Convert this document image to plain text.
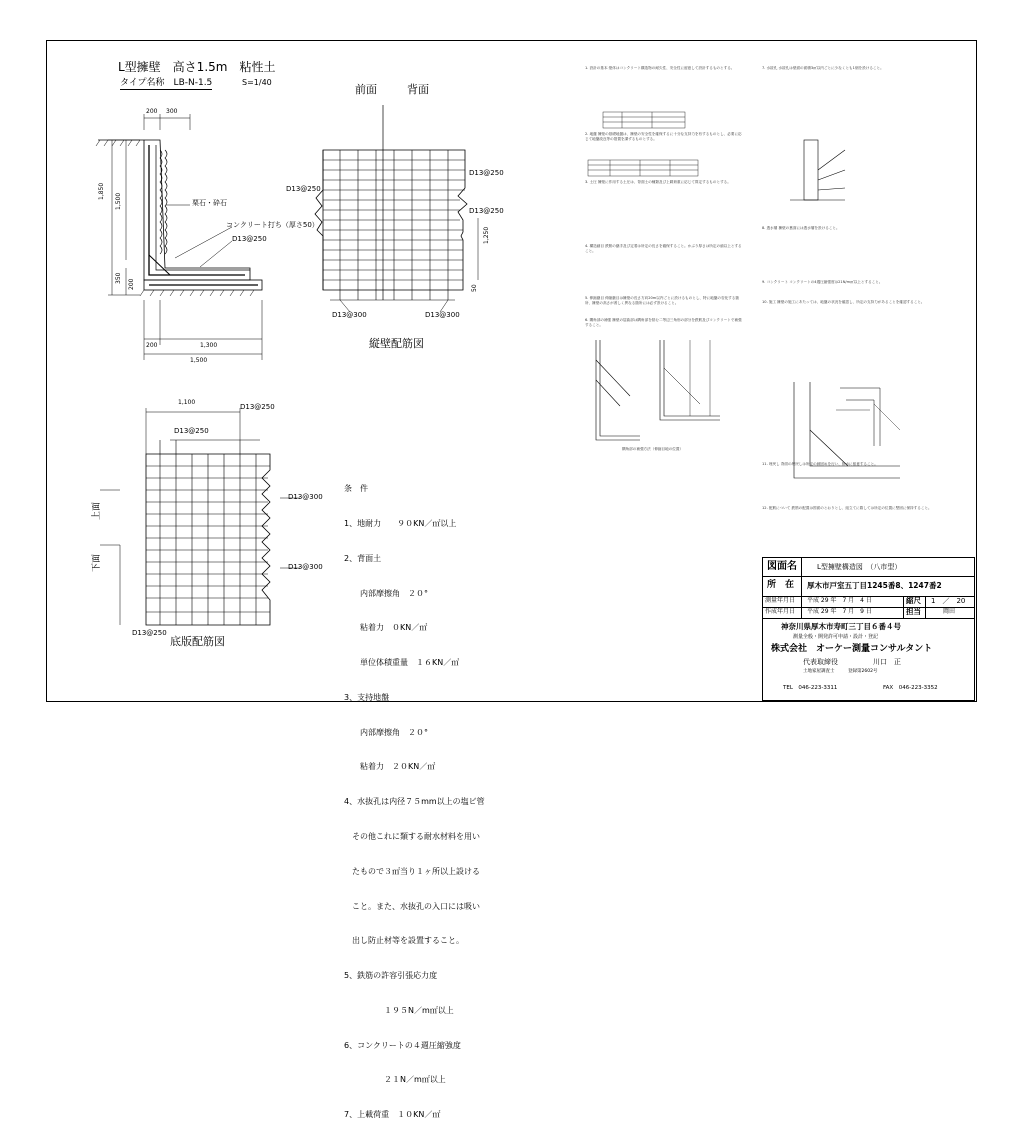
L型擁壁　高さ1.5m　粘性土
タイプ名称　LB-N-1.5	S=1/40
200 300
1,850
1,500
350
200
200	1,300
1,500
栗石・砕石
コンクリート打ち（厚さ50）
D13@250
前面	背面
D13@250
D13@250
D13@250
D13@300	D13@300
1,250
50
縦壁配筋図
1,100
D13@250
D13@250
D13@250
D13@300
D13@300
上面
下面
底版配筋図

条　件

1、地耐力　　９０KN／㎡以上

2、背面土

　　内部摩擦角　２０°

　　粘着力　０KN／㎡

　　単位体積重量　１６KN／㎥

3、支持地盤

　　内部摩擦角　２０°

　　粘着力　２０KN／㎡

4、水抜孔は内径７５mm以上の塩ビ管

　その他これに類する耐水材料を用い

　たもので３㎡当り１ヶ所以上設ける

　こと。また、水抜孔の入口には吸い

　出し防止材等を設置すること。

5、鉄筋の許容引張応力度

　　　　　１９５N／m㎡以上

6、コンクリートの４週圧縮強度

　　　　　２１N／m㎡以上

7、上載荷重　１０KN／㎡

1. 設計の基本 壁体はコンクリート構造物の耐久性、安全性に留意して設計するものとする。
2. 地盤 擁壁の基礎地盤は、擁壁の安全性を確保するに十分な支持力を有するものとし、必要に応じて地盤改良等の措置を講ずるものとする。
3. 土圧 擁壁に作用する土圧は、背面土の種類及び上載荷重に応じて算定するものとする。
4. 構造細目 鉄筋の継手及び定着は所定の長さを確保すること。かぶり厚さは所定の値以上とすること。
5. 伸縮継目 伸縮継目は擁壁の長さ方向20m以内ごとに設けるものとし、特に地盤の変化する箇所、擁壁の高さが著しく異なる箇所には必ず設けること。
6. 隅角部の補強 擁壁の屈曲部は隅角部を挟む二等辺三角形の部分を鉄筋及びコンクリートで補強すること。
隅角部の補強方法（伸縮目地の位置）
7. 水抜孔 水抜孔は壁面の面積3㎡以内ごとに少なくとも1個を設けること。
8. 透水層 擁壁の裏面には透水層を設けること。
9. コンクリート コンクリートの4週圧縮強度は21N/m㎡以上とすること。
10. 施工 擁壁の施工にあたっては、地盤の状況を確認し、所定の支持力があることを確認すること。
11. 埋戻し 背面の埋戻しは所定の締固めを行い、排水に留意すること。
12. 配筋について 鉄筋の配置は図面のとおりとし、組立てに際しては所定の位置に堅固に保持すること。
図面名	L型擁壁構造図　（八市型）
所　在 厚木市戸室五丁目1245番8、1247番2
測量年月日 平成 29 年　7 月　4 日	縮尺 1　／　20
作成年月日 平成 29 年　7 月　9 日	担当	岡田
神奈川県厚木市寿町三丁目６番４号
測量全般・開発許可申請・設計・登記
株式会社　オーケー測量コンサルタント
代表取締役	川口　正
土地家屋調査士　　　登録第2602号
TEL　046-223-3311	FAX　046-223-3352
